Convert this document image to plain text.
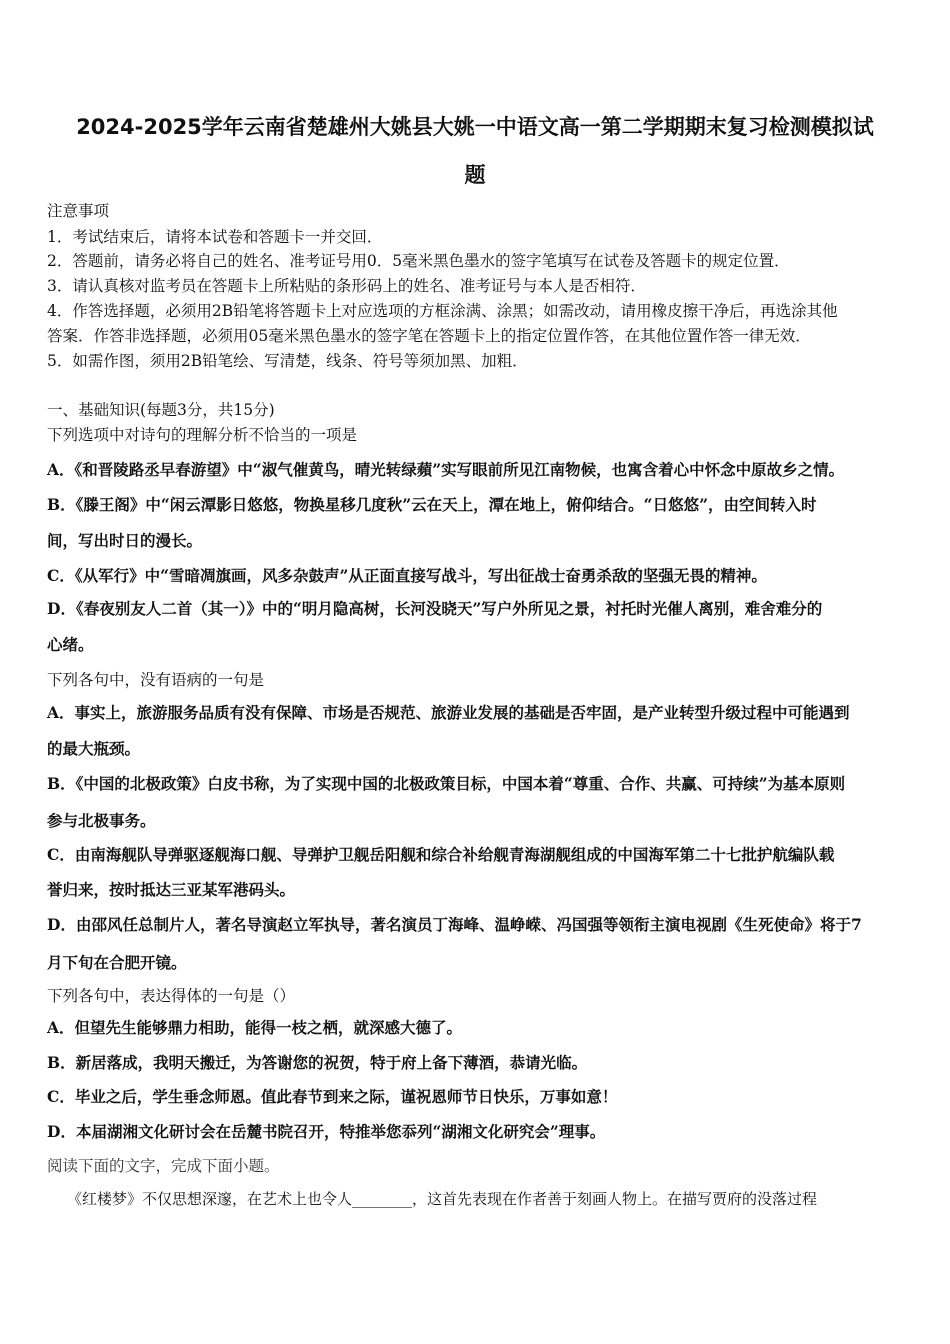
2024-2025学年云南省楚雄州大姚县大姚一中语文高一第二学期期末复习检测模拟试
题
注意事项
1．考试结束后，请将本试卷和答题卡一并交回．
2．答题前，请务必将自己的姓名、准考证号用0．5毫米黑色墨水的签字笔填写在试卷及答题卡的规定位置．
3．请认真核对监考员在答题卡上所粘贴的条形码上的姓名、准考证号与本人是否相符．
4．作答选择题，必须用2B铅笔将答题卡上对应选项的方框涂满、涂黑；如需改动，请用橡皮擦干净后，再选涂其他
答案．作答非选择题，必须用05毫米黑色墨水的签字笔在答题卡上的指定位置作答，在其他位置作答一律无效．
5．如需作图，须用2B铅笔绘、写清楚，线条、符号等须加黑、加粗．
一、基础知识(每题3分，共15分)
下列选项中对诗句的理解分析不恰当的一项是
A．《和晋陵路丞早春游望》中“淑气催黄鸟，晴光转绿蘋”实写眼前所见江南物候，也寓含着心中怀念中原故乡之情。
B．《滕王阁》中“闲云潭影日悠悠，物换星移几度秋”云在天上，潭在地上，俯仰结合。“日悠悠”，由空间转入时
间，写出时日的漫长。
C．《从军行》中“雪暗凋旗画，风多杂鼓声”从正面直接写战斗，写出征战士奋勇杀敌的坚强无畏的精神。
D．《春夜别友人二首（其一）》中的“明月隐高树，长河没晓天”写户外所见之景，衬托时光催人离别，难舍难分的
心绪。
下列各句中，没有语病的一句是
A．事实上，旅游服务品质有没有保障、市场是否规范、旅游业发展的基础是否牢固，是产业转型升级过程中可能遇到
的最大瓶颈。
B．《中国的北极政策》白皮书称，为了实现中国的北极政策目标，中国本着“尊重、合作、共赢、可持续”为基本原则
参与北极事务。
C．由南海舰队导弹驱逐舰海口舰、导弹护卫舰岳阳舰和综合补给舰青海湖舰组成的中国海军第二十七批护航编队载
誉归来，按时抵达三亚某军港码头。
D．由邵风任总制片人，著名导演赵立军执导，著名演员丁海峰、温峥嵘、冯国强等领衔主演电视剧《生死使命》将于7
月下旬在合肥开镜。
下列各句中，表达得体的一句是（）
A．但望先生能够鼎力相助，能得一枝之栖，就深感大德了。
B．新居落成，我明天搬迁，为答谢您的祝贺，特于府上备下薄酒，恭请光临。
C．毕业之后，学生垂念师恩。值此春节到来之际，谨祝恩师节日快乐，万事如意！
D．本届湖湘文化研讨会在岳麓书院召开，特推举您忝列“湖湘文化研究会”理事。
阅读下面的文字，完成下面小题。
《红楼梦》不仅思想深邃，在艺术上也令人________，这首先表现在作者善于刻画人物上。在描写贾府的没落过程
